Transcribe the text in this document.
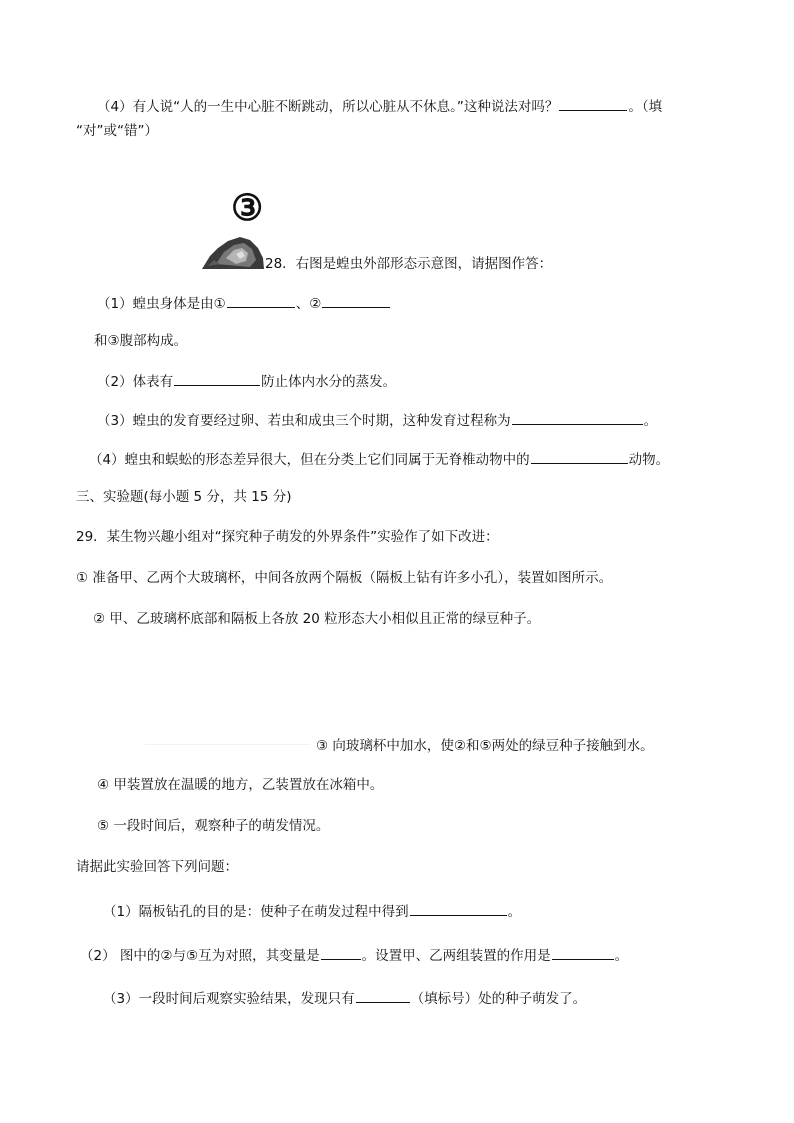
（4）有人说“人的一生中心脏不断跳动，所以心脏从不休息。”这种说法对吗？	。（填
“对”或“错”）
③
28．右图是蝗虫外部形态示意图，请据图作答：
（1）蝗虫身体是由①	、②
和③腹部构成。
（2）体表有	防止体内水分的蒸发。
（3）蝗虫的发育要经过卵、若虫和成虫三个时期，这种发育过程称为	。
（4）蝗虫和蜈蚣的形态差异很大，但在分类上它们同属于无脊椎动物中的	动物。
三、实验题(每小题 5 分，共 15 分)
29．某生物兴趣小组对“探究种子萌发的外界条件”实验作了如下改进：
① 准备甲、乙两个大玻璃杯，中间各放两个隔板（隔板上钻有许多小孔），装置如图所示。
② 甲、乙玻璃杯底部和隔板上各放 20 粒形态大小相似且正常的绿豆种子。
③ 向玻璃杯中加水，使②和⑤两处的绿豆种子接触到水。
④ 甲装置放在温暖的地方，乙装置放在冰箱中。
⑤ 一段时间后，观察种子的萌发情况。
请据此实验回答下列问题：
（1）隔板钻孔的目的是：使种子在萌发过程中得到	。
（2） 图中的②与⑤互为对照，其变量是	。设置甲、乙两组装置的作用是	。
（3）一段时间后观察实验结果，发现只有	（填标号）处的种子萌发了。
